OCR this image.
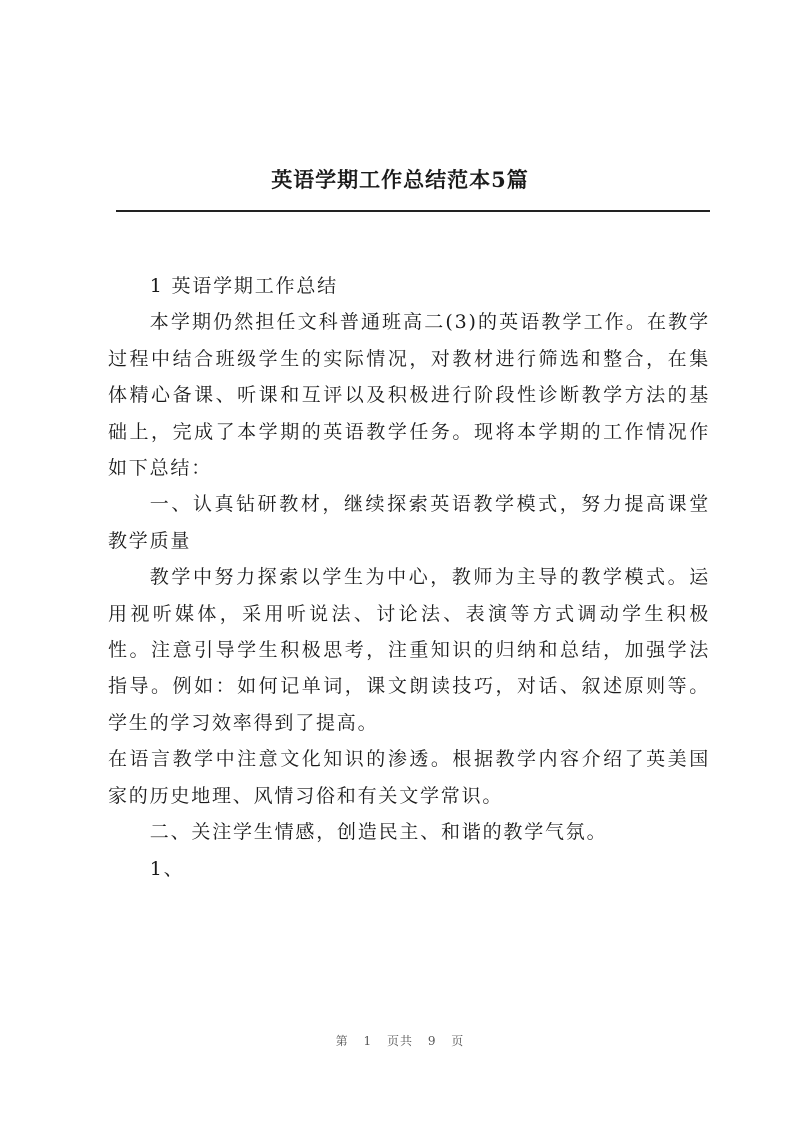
英语学期工作总结范本5篇

1 英语学期工作总结

本学期仍然担任文科普通班高二(3)的英语教学工作。在教学过程中结合班级学生的实际情况，对教材进行筛选和整合，在集体精心备课、听课和互评以及积极进行阶段性诊断教学方法的基础上，完成了本学期的英语教学任务。现将本学期的工作情况作如下总结：

一、认真钻研教材，继续探索英语教学模式，努力提高课堂教学质量

教学中努力探索以学生为中心，教师为主导的教学模式。运用视听媒体，采用听说法、讨论法、表演等方式调动学生积极性。注意引导学生积极思考，注重知识的归纳和总结，加强学法指导。例如：如何记单词，课文朗读技巧，对话、叙述原则等。学生的学习效率得到了提高。

在语言教学中注意文化知识的渗透。根据教学内容介绍了英美国家的历史地理、风情习俗和有关文学常识。

二、关注学生情感，创造民主、和谐的教学气氛。

1、

第 1 页共 9 页
